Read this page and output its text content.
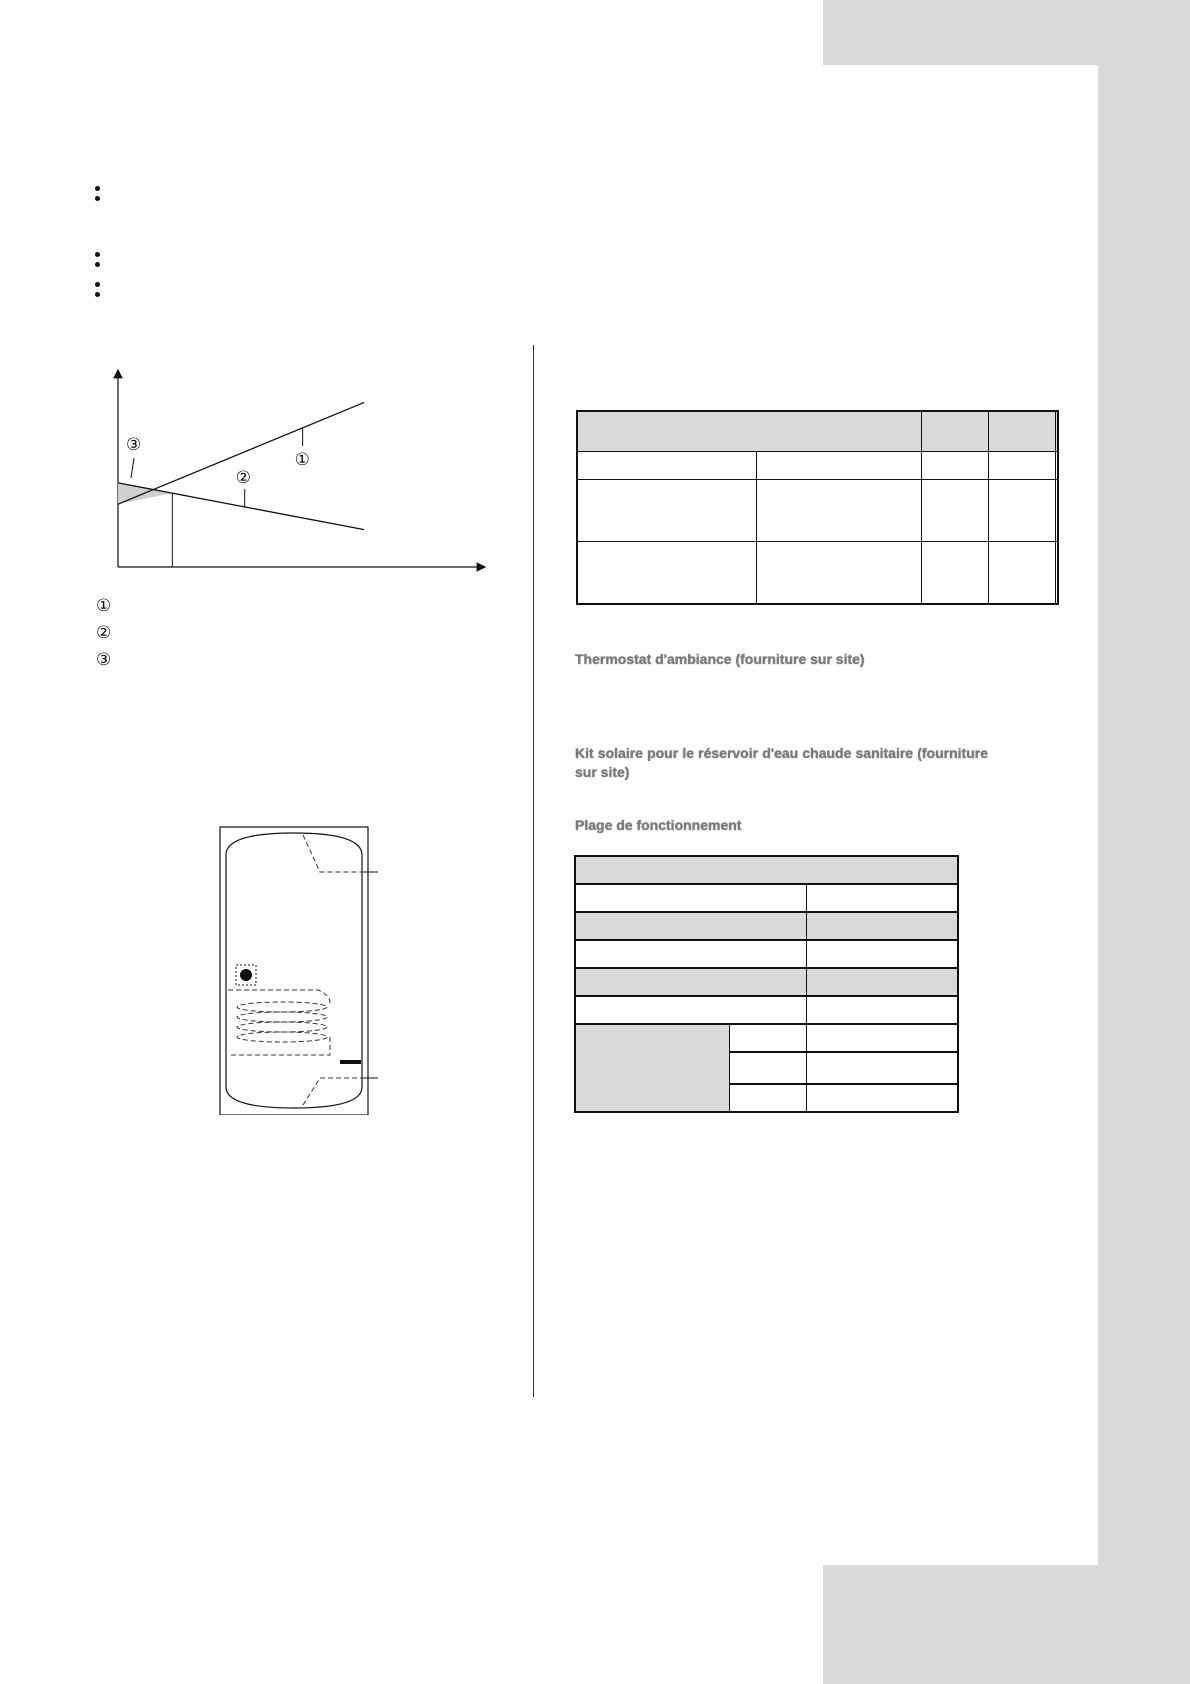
①
②
③
①
②
③

					Thermostat d'ambiance (fourniture sur site)
Kit solaire pour le réservoir d'eau chaude sanitaire (fourniture sur site)
Plage de fonctionnement
